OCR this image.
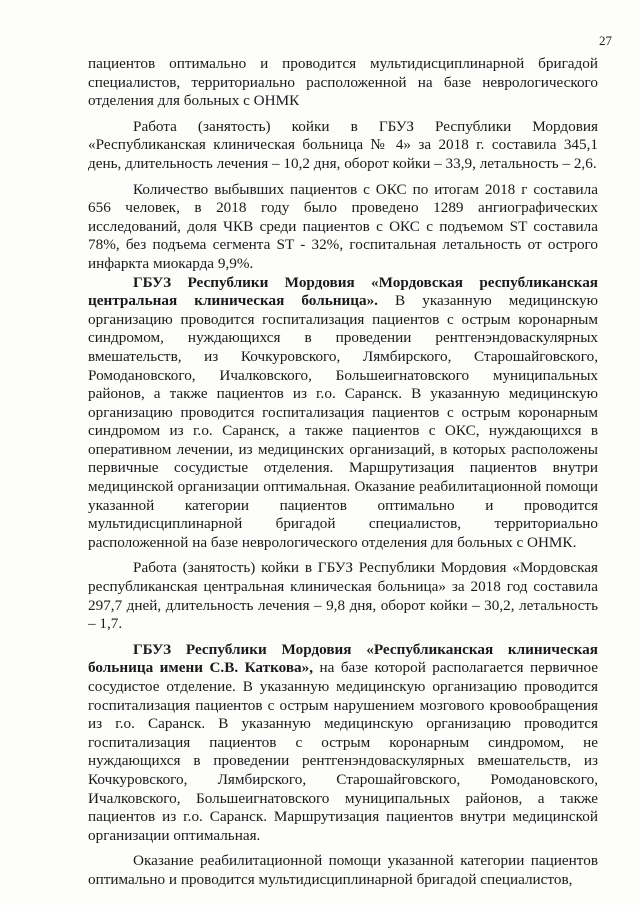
27

пациентов оптимально и проводится мультидисциплинарной бригадой специалистов, территориально расположенной на базе неврологического отделения для больных с ОНМК

Работа (занятость) койки в ГБУЗ Республики Мордовия «Республиканская клиническая больница № 4» за 2018 г. составила 345,1 день, длительность лечения – 10,2 дня, оборот койки – 33,9, летальность – 2,6.

Количество выбывших пациентов с ОКС по итогам 2018 г составила 656 человек, в 2018 году было проведено 1289 ангиографических исследований, доля ЧКВ среди пациентов с ОКС с подъемом ST составила 78%, без подъема сегмента ST - 32%, госпитальная летальность от острого инфаркта миокарда 9,9%.

ГБУЗ Республики Мордовия «Мордовская республиканская центральная клиническая больница». В указанную медицинскую организацию проводится госпитализация пациентов с острым коронарным синдромом, нуждающихся в проведении рентгенэндоваскулярных вмешательств, из Кочкуровского, Лямбирского, Старошайговского, Ромодановского, Ичалковского, Большеигнатовского муниципальных районов, а также пациентов из г.о. Саранск. В указанную медицинскую организацию проводится госпитализация пациентов с острым коронарным синдромом из г.о. Саранск, а также пациентов с ОКС, нуждающихся в оперативном лечении, из медицинских организаций, в которых расположены первичные сосудистые отделения. Маршрутизация пациентов внутри медицинской организации оптимальная. Оказание реабилитационной помощи указанной категории пациентов оптимально и проводится мультидисциплинарной бригадой специалистов, территориально расположенной на базе неврологического отделения для больных с ОНМК.

Работа (занятость) койки в ГБУЗ Республики Мордовия «Мордовская республиканская центральная клиническая больница» за 2018 год составила 297,7 дней, длительность лечения – 9,8 дня, оборот койки – 30,2, летальность – 1,7.

ГБУЗ Республики Мордовия «Республиканская клиническая больница имени С.В. Каткова», на базе которой располагается первичное сосудистое отделение. В указанную медицинскую организацию проводится госпитализация пациентов с острым нарушением мозгового кровообращения из г.о. Саранск. В указанную медицинскую организацию проводится госпитализация пациентов с острым коронарным синдромом, не нуждающихся в проведении рентгенэндоваскулярных вмешательств, из Кочкуровского, Лямбирского, Старошайговского, Ромодановского, Ичалковского, Большеигнатовского муниципальных районов, а также пациентов из г.о. Саранск. Маршрутизация пациентов внутри медицинской организации оптимальная.

Оказание реабилитационной помощи указанной категории пациентов оптимально и проводится мультидисциплинарной бригадой специалистов,
